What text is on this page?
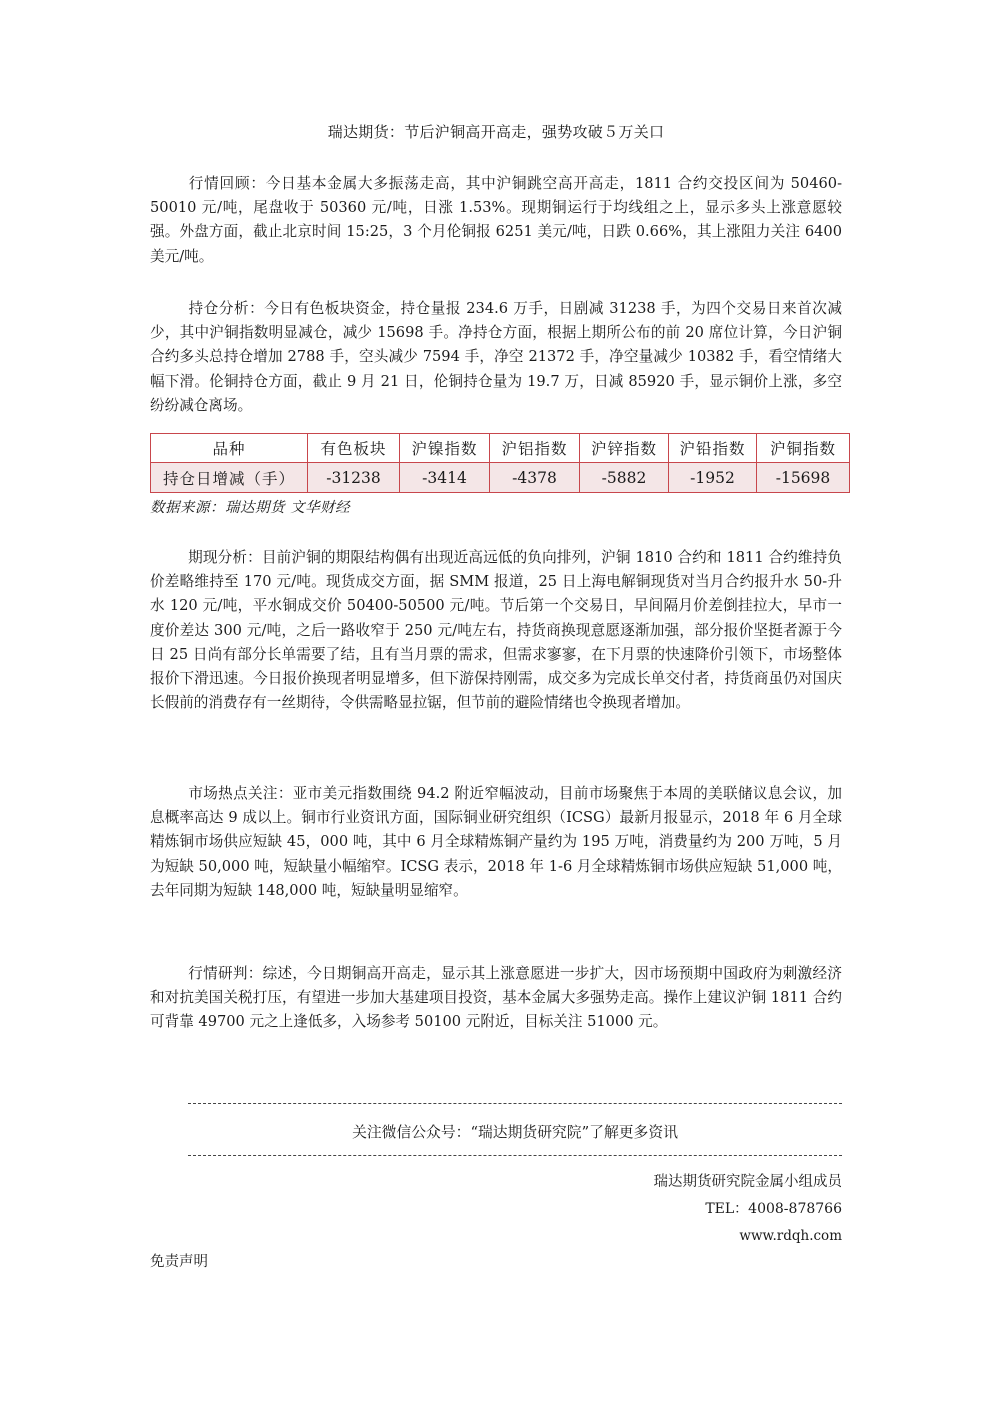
瑞达期货：节后沪铜高开高走，强势攻破５万关口

行情回顾：今日基本金属大多振荡走高，其中沪铜跳空高开高走，1811 合约交投区间为 50460-50010 元/吨，尾盘收于 50360 元/吨，日涨 1.53%。现期铜运行于均线组之上，显示多头上涨意愿较强。外盘方面，截止北京时间 15:25，3 个月伦铜报 6251 美元/吨，日跌 0.66%，其上涨阻力关注 6400 美元/吨。

持仓分析：今日有色板块资金，持仓量报 234.6 万手，日剧减 31238 手，为四个交易日来首次减少，其中沪铜指数明显减仓，减少 15698 手。净持仓方面，根据上期所公布的前 20 席位计算，今日沪铜合约多头总持仓增加 2788 手，空头减少 7594 手，净空 21372 手，净空量减少 10382 手，看空情绪大幅下滑。伦铜持仓方面，截止 9 月 21 日，伦铜持仓量为 19.7 万，日减 85920 手，显示铜价上涨，多空纷纷减仓离场。

品种	有色板块	沪镍指数	沪铝指数	沪锌指数	沪铅指数	沪铜指数
持仓日增减（手）	-31238	-3414	-4378	-5882	-1952	-15698
数据来源：瑞达期货 文华财经

期现分析：目前沪铜的期限结构偶有出现近高远低的负向排列，沪铜 1810 合约和 1811 合约维持负价差略维持至 170 元/吨。现货成交方面，据 SMM 报道，25 日上海电解铜现货对当月合约报升水 50-升水 120 元/吨，平水铜成交价 50400-50500 元/吨。节后第一个交易日，早间隔月价差倒挂拉大，早市一度价差达 300 元/吨，之后一路收窄于 250 元/吨左右，持货商换现意愿逐渐加强，部分报价坚挺者源于今日 25 日尚有部分长单需要了结，且有当月票的需求，但需求寥寥，在下月票的快速降价引领下，市场整体报价下滑迅速。今日报价换现者明显增多，但下游保持刚需，成交多为完成长单交付者，持货商虽仍对国庆长假前的消费存有一丝期待，令供需略显拉锯，但节前的避险情绪也令换现者增加。

市场热点关注：亚市美元指数围绕 94.2 附近窄幅波动，目前市场聚焦于本周的美联储议息会议，加息概率高达 9 成以上。铜市行业资讯方面，国际铜业研究组织（ICSG）最新月报显示，2018 年 6 月全球精炼铜市场供应短缺 45，000 吨，其中 6 月全球精炼铜产量约为 195 万吨，消费量约为 200 万吨，5 月为短缺 50,000 吨，短缺量小幅缩窄。ICSG 表示，2018 年 1-6 月全球精炼铜市场供应短缺 51,000 吨，去年同期为短缺 148,000 吨，短缺量明显缩窄。

行情研判：综述，今日期铜高开高走，显示其上涨意愿进一步扩大，因市场预期中国政府为刺激经济和对抗美国关税打压，有望进一步加大基建项目投资，基本金属大多强势走高。操作上建议沪铜 1811 合约可背靠 49700 元之上逢低多，入场参考 50100 元附近，目标关注 51000 元。

关注微信公众号：“瑞达期货研究院”了解更多资讯
瑞达期货研究院金属小组成员
TEL：4008-878766
www.rdqh.com
免责声明
